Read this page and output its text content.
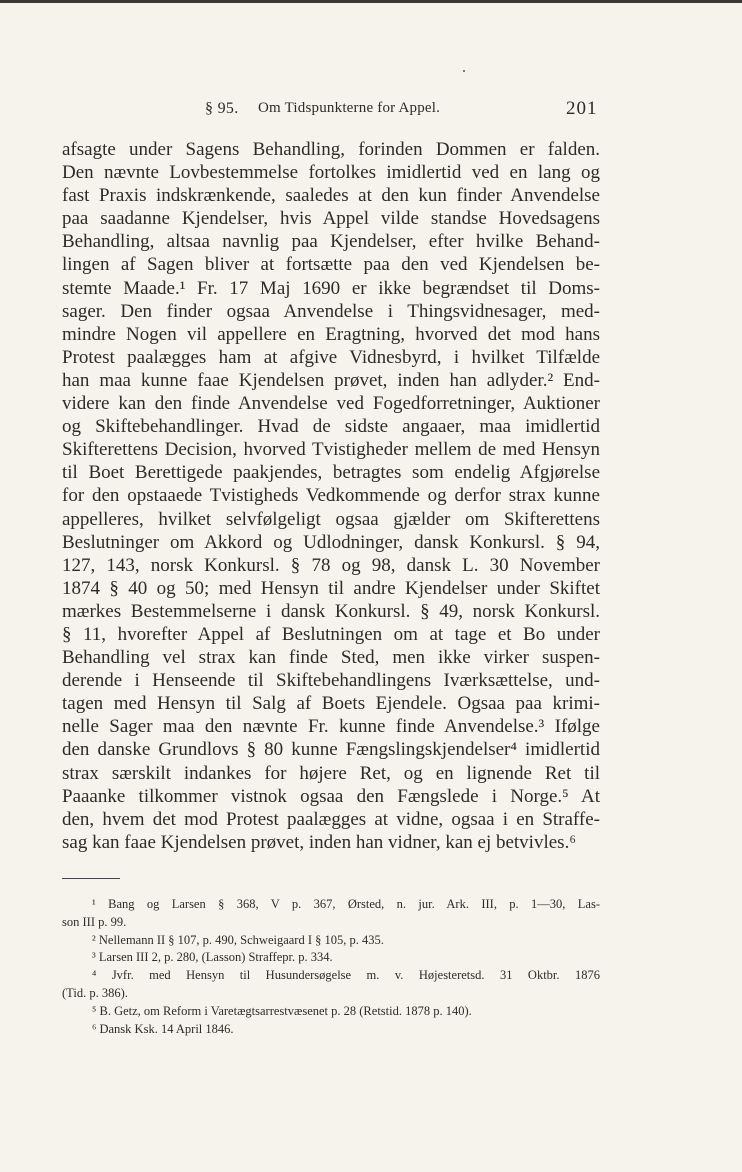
§ 95. Om Tidspunkterne for Appel.	201
afsagte under Sagens Behandling, forinden Dommen er falden.
Den nævnte Lovbestemmelse fortolkes imidlertid ved en lang og
fast Praxis indskrænkende, saaledes at den kun finder Anvendelse
paa saadanne Kjendelser, hvis Appel vilde standse Hovedsagens
Behandling, altsaa navnlig paa Kjendelser, efter hvilke Behand-
lingen af Sagen bliver at fortsætte paa den ved Kjendelsen be-
stemte Maade.¹ Fr. 17 Maj 1690 er ikke begrændset til Doms-
sager. Den finder ogsaa Anvendelse i Thingsvidnesager, med-
mindre Nogen vil appellere en Eragtning, hvorved det mod hans
Protest paalægges ham at afgive Vidnesbyrd, i hvilket Tilfælde
han maa kunne faae Kjendelsen prøvet, inden han adlyder.² End-
videre kan den finde Anvendelse ved Fogedforretninger, Auktioner
og Skiftebehandlinger. Hvad de sidste angaaer, maa imidlertid
Skifterettens Decision, hvorved Tvistigheder mellem de med Hensyn
til Boet Berettigede paakjendes, betragtes som endelig Afgjørelse
for den opstaaede Tvistigheds Vedkommende og derfor strax kunne
appelleres, hvilket selvfølgeligt ogsaa gjælder om Skifterettens
Beslutninger om Akkord og Udlodninger, dansk Konkursl. § 94,
127, 143, norsk Konkursl. § 78 og 98, dansk L. 30 November
1874 § 40 og 50; med Hensyn til andre Kjendelser under Skiftet
mærkes Bestemmelserne i dansk Konkursl. § 49, norsk Konkursl.
§ 11, hvorefter Appel af Beslutningen om at tage et Bo under
Behandling vel strax kan finde Sted, men ikke virker suspen-
derende i Henseende til Skiftebehandlingens Iværksættelse, und-
tagen med Hensyn til Salg af Boets Ejendele. Ogsaa paa krimi-
nelle Sager maa den nævnte Fr. kunne finde Anvendelse.³ Ifølge
den danske Grundlovs § 80 kunne Fængslingskjendelser⁴ imidlertid
strax særskilt indankes for højere Ret, og en lignende Ret til
Paaanke tilkommer vistnok ogsaa den Fængslede i Norge.⁵ At
den, hvem det mod Protest paalægges at vidne, ogsaa i en Straffe-
sag kan faae Kjendelsen prøvet, inden han vidner, kan ej betvivles.⁶
¹ Bang og Larsen § 368, V p. 367, Ørsted, n. jur. Ark. III, p. 1—30, Las-
son III p. 99.
² Nellemann II § 107, p. 490, Schweigaard I § 105, p. 435.
³ Larsen III 2, p. 280, (Lasson) Straffepr. p. 334.
⁴ Jvfr. med Hensyn til Husundersøgelse m. v. Højesteretsd. 31 Oktbr. 1876
(Tid. p. 386).
⁵ B. Getz, om Reform i Varetægtsarrestvæsenet p. 28 (Retstid. 1878 p. 140).
⁶ Dansk Ksk. 14 April 1846.
